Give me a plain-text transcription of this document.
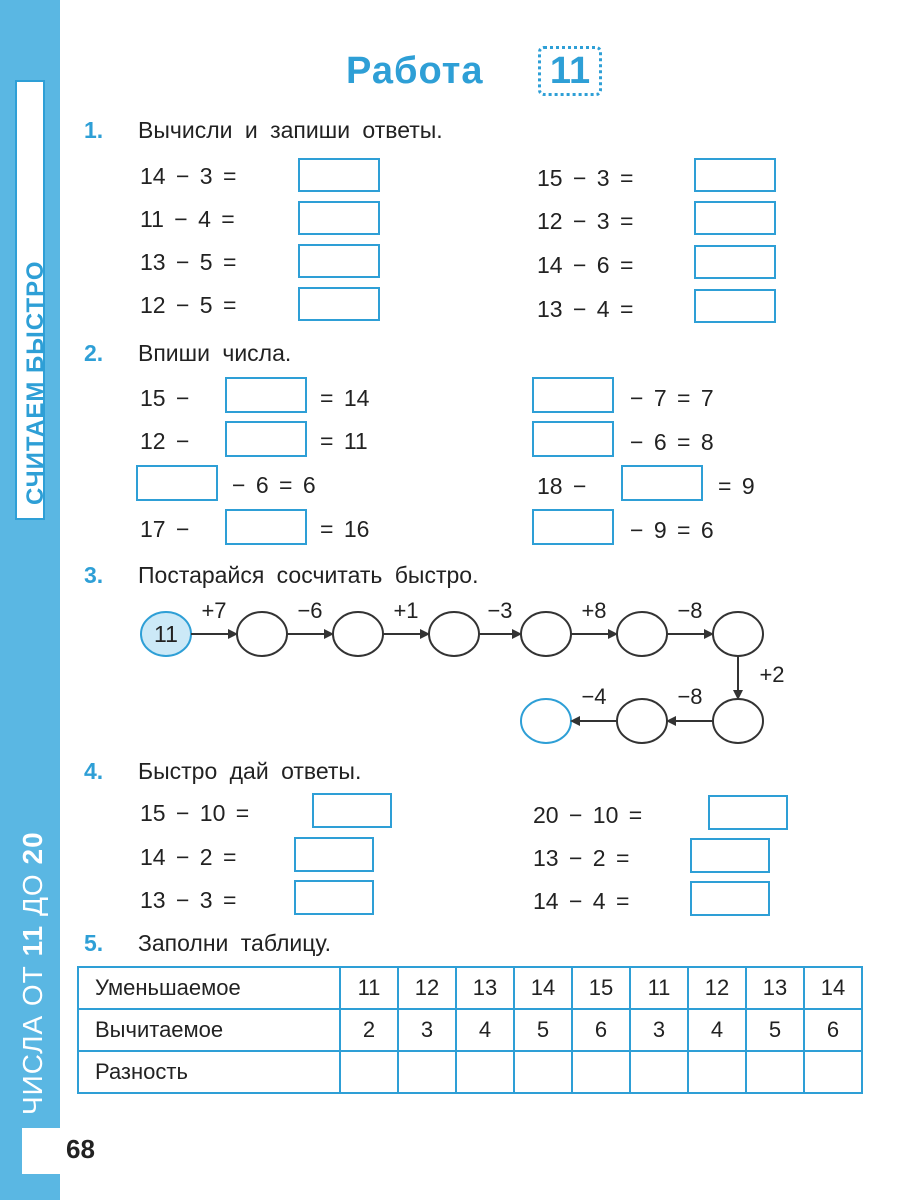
СЧИТАЕМ БЫСТРО
ЧИСЛА ОТ 11 ДО 20
68
Работа	11
1. Вычисли и запиши ответы.
14 − 3 =
11 − 4 =
13 − 5 =
12 − 5 =
15 − 3 =
12 − 3 =
14 − 6 =
13 − 4 =
2. Впиши числа.
15 −	= 14
12 −	= 11
− 6 = 6
17 −	= 16
− 7 = 7
− 6 = 8
18 −	= 9
− 9 = 6
3. Постарайся сосчитать быстро.
11
+7	−6	+1	−3	+8	−8
+2
−8
−4
4. Быстро дай ответы.
15 − 10 =
14 − 2 =
13 − 3 =
20 − 10 =
13 − 2 =
14 − 4 =
5. Заполни таблицу.
Уменьшаемое	11	12	13	14	15	11	12	13	14
Вычитаемое	2	3	4	5	6	3	4	5	6
Разность									
